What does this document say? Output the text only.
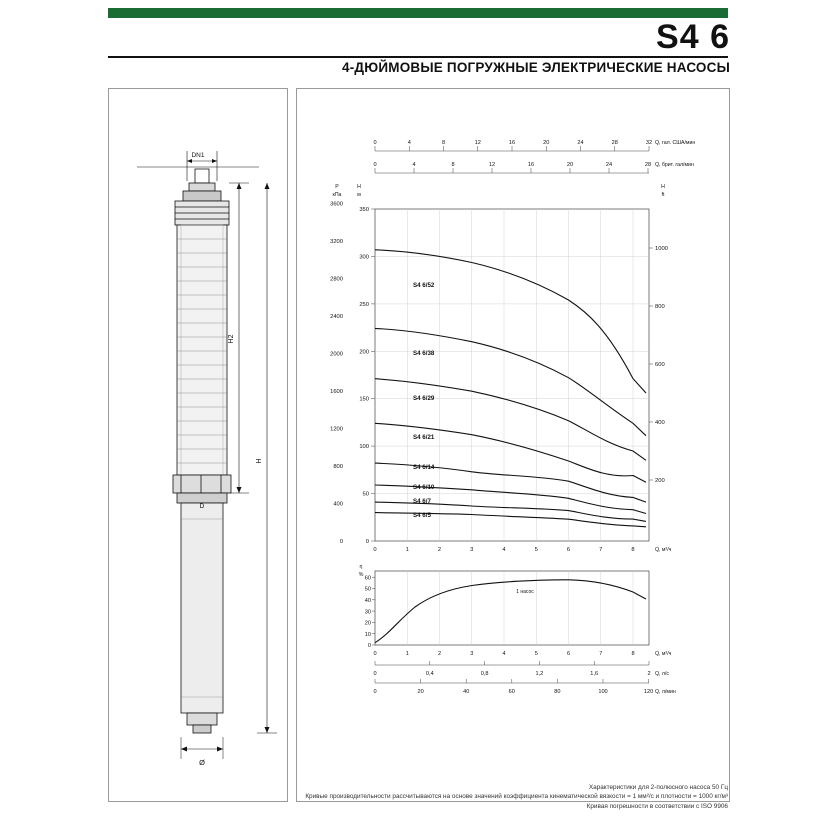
S4 6
4-ДЮЙМОВЫЕ ПОГРУЖНЫЕ ЭЛЕКТРИЧЕСКИЕ НАСОСЫ
DN1
H2
H
D
Ø
0	4	8	12	16	20	24	28	32
0	4	8	12	16	20	24	28
Q, гал. США/мин
Q, брит. гал/мин
0
400
800
1200
1600
2000
2400
2800
3200
3600
P
кПа
H
м
0
50
100
150
200
250
300
350
200
400
600
800
1000
H
ft
0	1	2	3	4	5	6	7	8	Q, м³/ч
S4 6/52
S4 6/38
S4 6/29
S4 6/21
S4 6/14
S4 6/10
S4 6/7
S4 6/5
η
%
0
10
20
30
40
50
60
1 насос
0	1	2	3	4	5	6	7	8	Q, м³/ч
0	0,4	0,8	1,2	1,6	2
0	20	40	60	80	100	120
Q, л/с
Q, л/мин
Характеристики для 2-полюсного насоса 50 Гц
Кривые производительности рассчитываются на основе значений коэффициента кинематической вязкости = 1 мм²/с и плотности = 1000 кг/м³
Кривая погрешности в соответствии с ISO 9906
